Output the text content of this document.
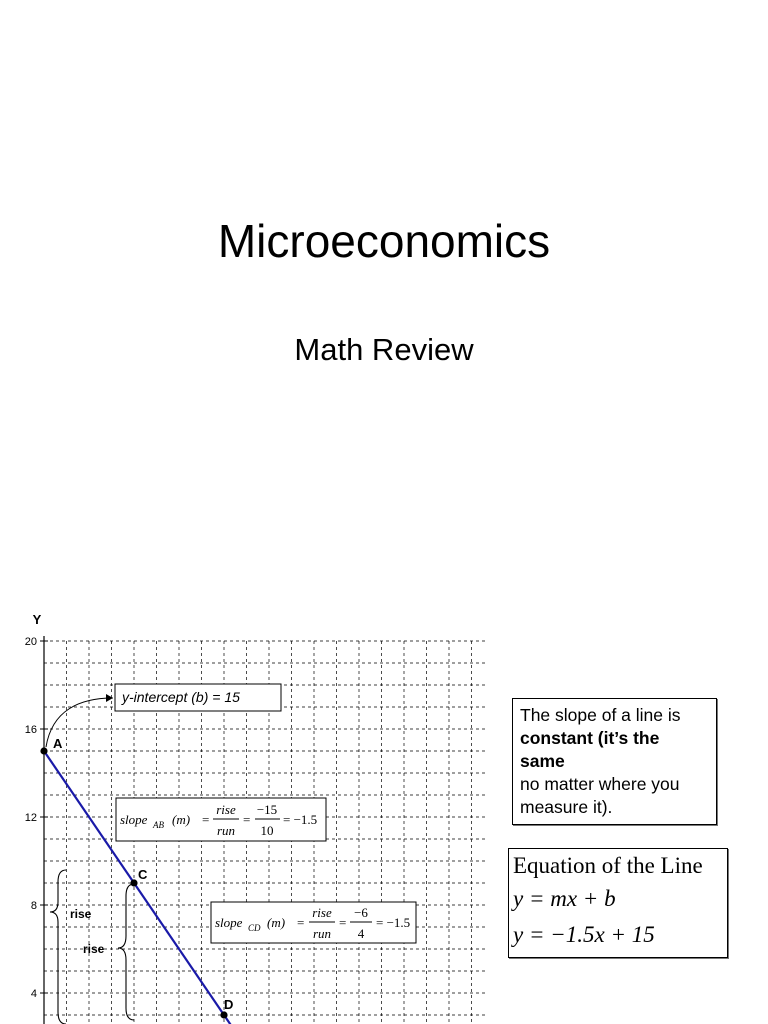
Microeconomics
Math Review
Y
20
16
12
8
4
A
C
D
y-intercept (b) = 15
slope AB (m) =
rise
run
=
−15
10
= −1.5
slope CD (m) =
rise
run
=
−6
4
= −1.5
rise
rise
The slope of a line is
constant (it’s the same
no matter where you
measure it).
Equation of the Line
y = mx + b
y = −1.5x + 15
